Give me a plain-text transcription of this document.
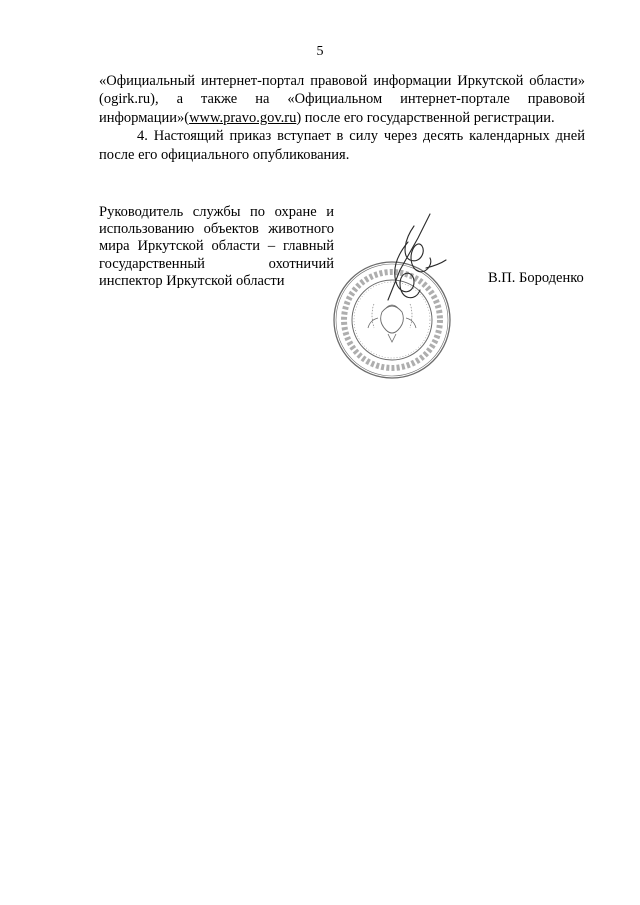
5

«Официальный интернет-портал правовой информации Иркутской области» (ogirk.ru), а также на «Официальном интернет-портале правовой информации»(www.pravo.gov.ru) после его государственной регистрации.

4. Настоящий приказ вступает в силу через десять календарных дней после его официального опубликования.

Руководитель службы по охране и использованию объектов животного мира Иркутской области – главный государственный охотничий инспектор Иркутской области	В.П. Бороденко
